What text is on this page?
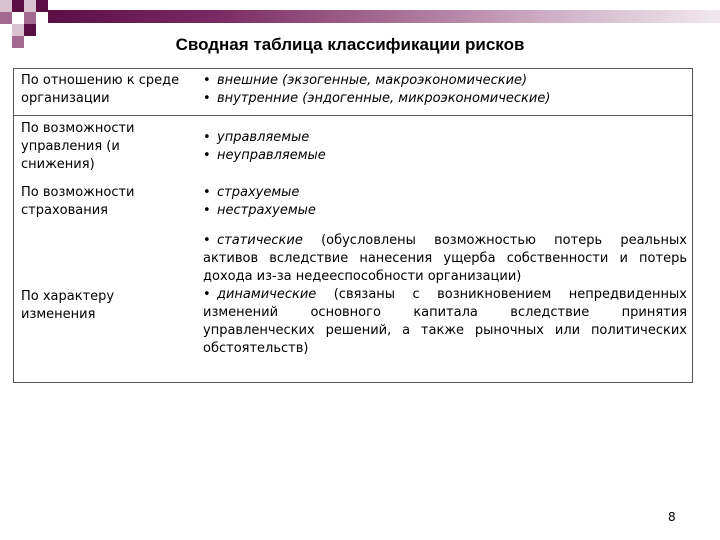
Сводная таблица классификации рисков
По отношению к среде организации
• внешние (экзогенные, макроэкономические)
• внутренние (эндогенные, микроэкономические)
По возможности управления (и снижения)
• управляемые
• неуправляемые
По возможности страхования
• страхуемые
• нестрахуемые
По характеру изменения
• статические (обусловлены возможностью потерь реальных активов вследствие нанесения ущерба собственности и потерь дохода из-за недееспособности организации)
• динамические (связаны с возникновением непредвиденных изменений основного капитала вследствие принятия управленческих решений, а также рыночных или политических обстоятельств)
8
